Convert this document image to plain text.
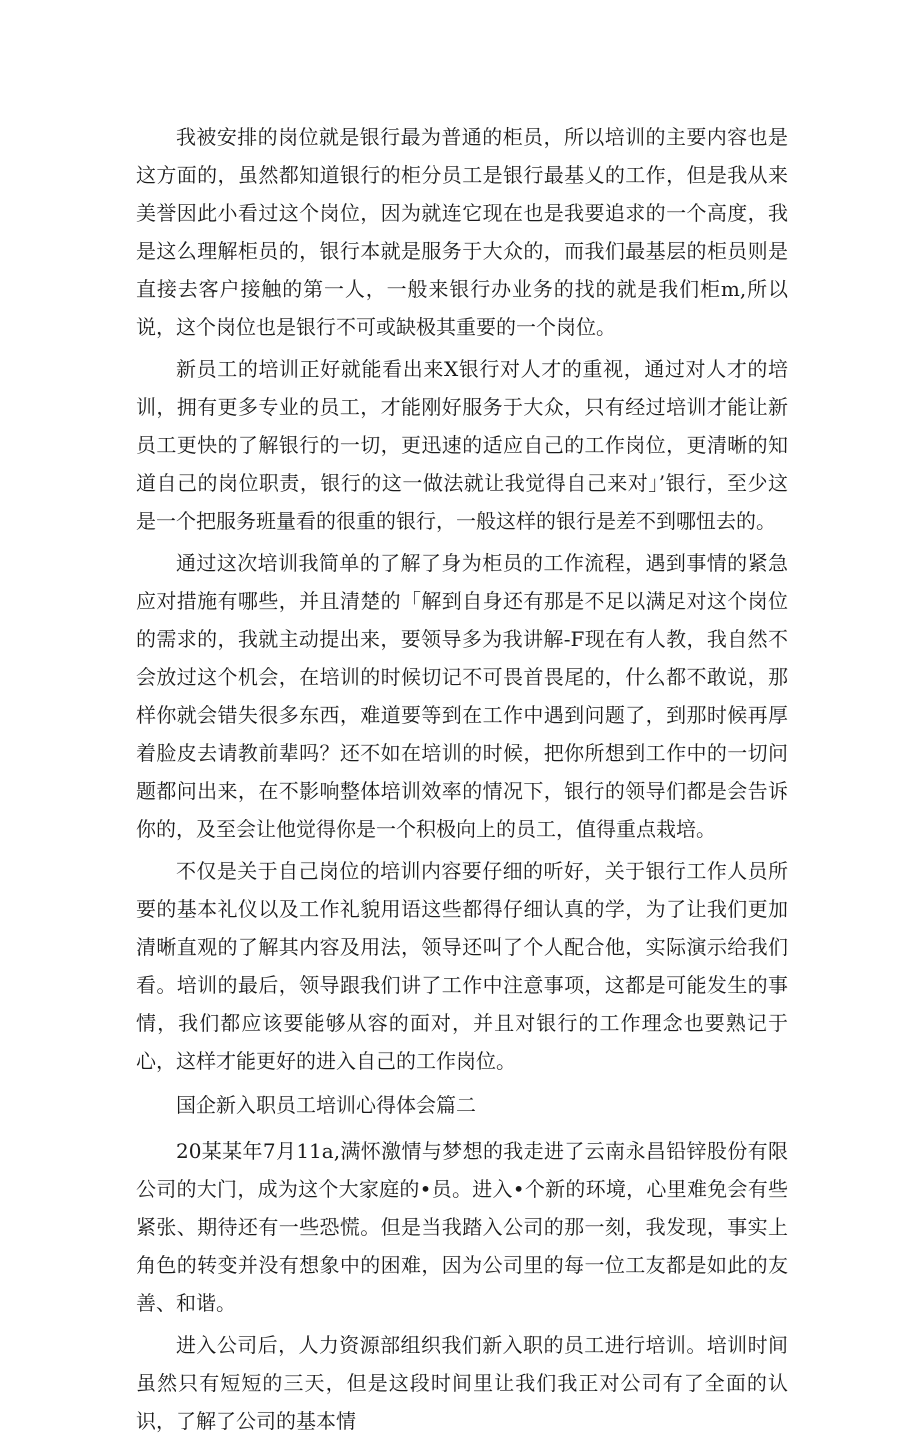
我被安排的岗位就是银行最为普通的柜员，所以培训的主要内容也是这方面的，虽然都知道银行的柜分员工是银行最基乂的工作，但是我从来美誉因此小看过这个岗位，因为就连它现在也是我要追求的一个高度，我是这么理解柜员的，银行本就是服务于大众的，而我们最基层的柜员则是直接去客户接触的第一人，一般来银行办业务的找的就是我们柜m,所以说，这个岗位也是银行不可或缺极其重要的一个岗位。

新员工的培训正好就能看出来X银行对人才的重视，通过对人才的培训，拥有更多专业的员工，才能刚好服务于大众，只有经过培训才能让新员工更快的了解银行的一切，更迅速的适应自己的工作岗位，更清晰的知道自己的岗位职责，银行的这一做法就让我觉得自己来对」’银行，至少这是一个把服务班量看的很重的银行，一般这样的银行是差不到哪忸去的。

通过这次培训我简单的了解了身为柜员的工作流程，遇到事情的紧急应对措施有哪些，并且清楚的「解到自身还有那是不足以满足对这个岗位的需求的，我就主动提出来，要领导多为我讲解-F现在有人教，我自然不会放过这个机会，在培训的时候切记不可畏首畏尾的，什么都不敢说，那样你就会错失很多东西，难道要等到在工作中遇到问题了，到那时候再厚着脸皮去请教前辈吗？还不如在培训的时候，把你所想到工作中的一切问题都问出来，在不影响整体培训效率的情况下，银行的领导们都是会告诉你的，及至会让他觉得你是一个积极向上的员工，值得重点栽培。

不仅是关于自己岗位的培训内容要仔细的听好，关于银行工作人员所要的基本礼仪以及工作礼貌用语这些都得仔细认真的学，为了让我们更加清晰直观的了解其内容及用法，领导还叫了个人配合他，实际演示给我们看。培训的最后，领导跟我们讲了工作中注意事项，这都是可能发生的事情，我们都应该要能够从容的面对，并且对银行的工作理念也要熟记于心，这样才能更好的进入自己的工作岗位。

国企新入职员工培训心得体会篇二

20某某年7月11a,满怀激情与梦想的我走进了云南永昌铅锌股份有限公司的大门，成为这个大家庭的•员。进入•个新的环境，心里难免会有些紧张、期待还有一些恐慌。但是当我踏入公司的那一刻，我发现，事实上角色的转变并没有想象中的困难，因为公司里的每一位工友都是如此的友善、和谐。

进入公司后，人力资源部组织我们新入职的员工进行培训。培训时间虽然只有短短的三天，但是这段时间里让我们我正对公司有了全面的认识，了解了公司的基本情
